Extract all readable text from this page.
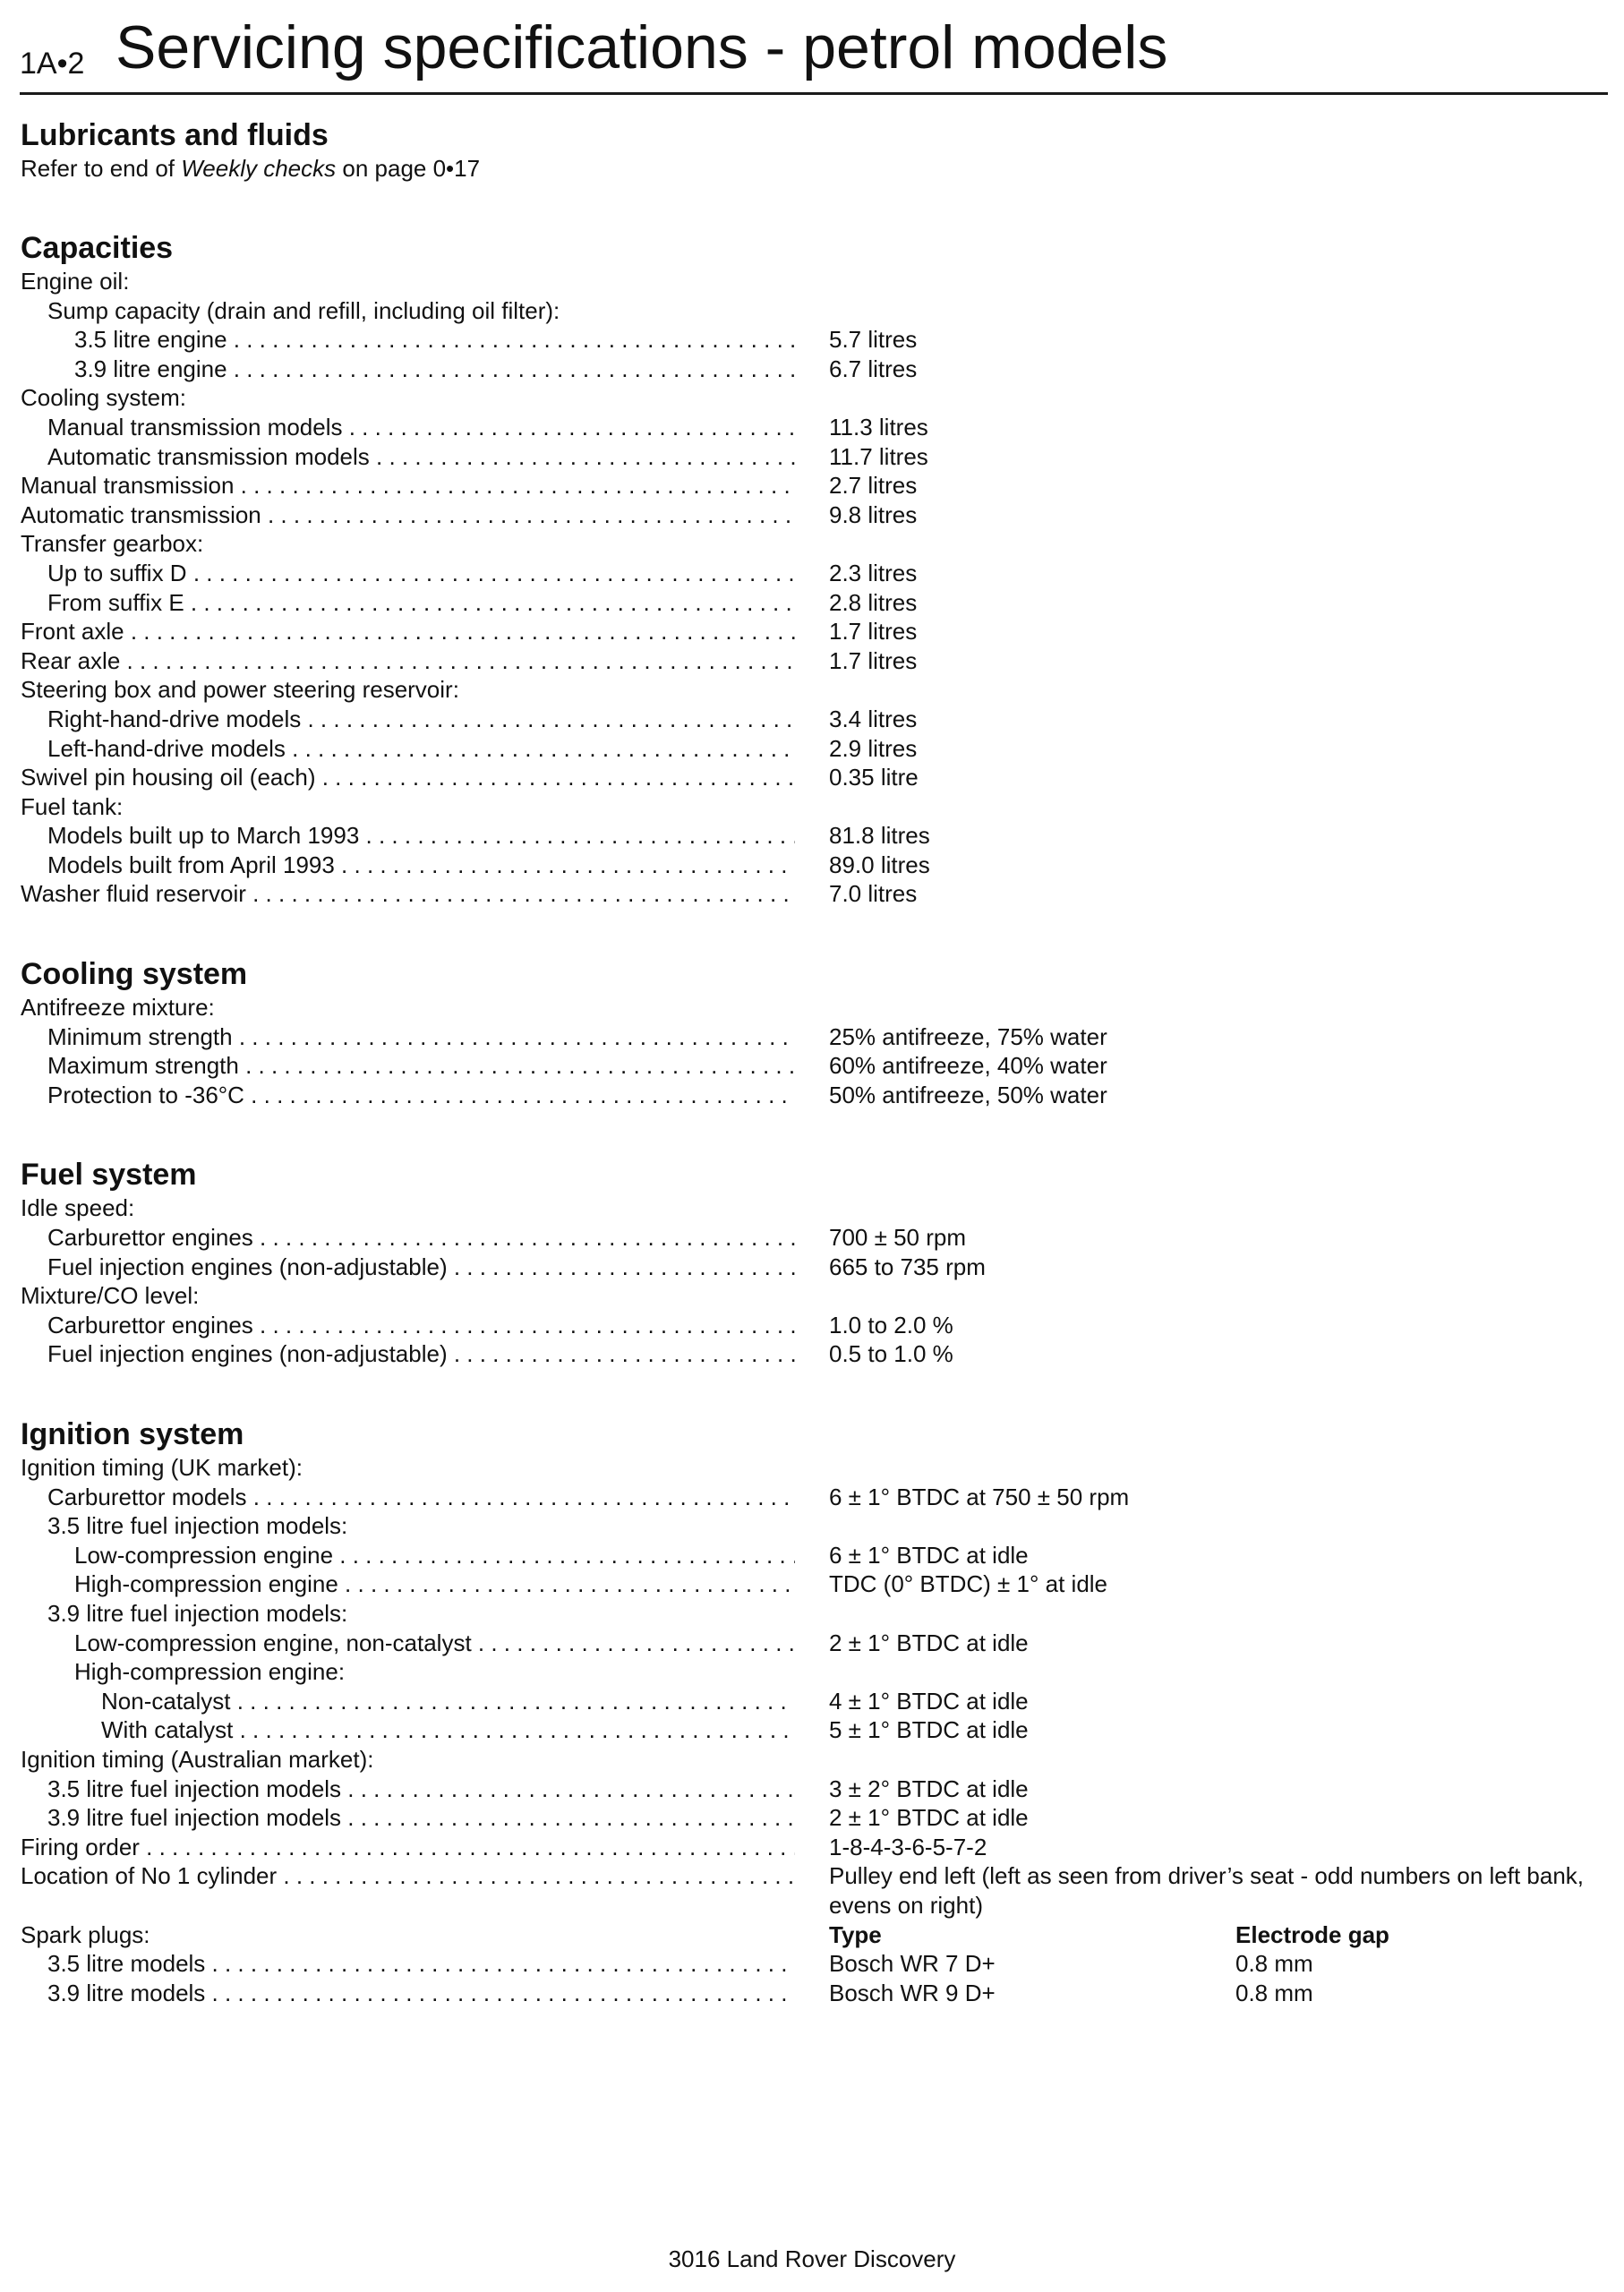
1A•2 Servicing specifications - petrol models
Lubricants and fluids

Refer to end of Weekly checks on page 0•17

Capacities
Engine oil:
Sump capacity (drain and refill, including oil filter):
3.5 litre engine . . .	5.7 litres
3.9 litre engine . . .	6.7 litres
Cooling system:
Manual transmission models . . .	11.3 litres
Automatic transmission models . . .	11.7 litres
Manual transmission . . .	2.7 litres
Automatic transmission . . .	9.8 litres
Transfer gearbox:
Up to suffix D . . .	2.3 litres
From suffix E . . .	2.8 litres
Front axle . . .	1.7 litres
Rear axle . . .	1.7 litres
Steering box and power steering reservoir:
Right-hand-drive models . . .	3.4 litres
Left-hand-drive models . . .	2.9 litres
Swivel pin housing oil (each) . . .	0.35 litre
Fuel tank:
Models built up to March 1993 . . .	81.8 litres
Models built from April 1993 . . .	89.0 litres
Washer fluid reservoir . . .	7.0 litres
Cooling system
Antifreeze mixture:
Minimum strength . . .	25% antifreeze, 75% water
Maximum strength . . .	60% antifreeze, 40% water
Protection to -36°C . . .	50% antifreeze, 50% water
Fuel system
Idle speed:
Carburettor engines . . .	700 ± 50 rpm
Fuel injection engines (non-adjustable) . . .	665 to 735 rpm
Mixture/CO level:
Carburettor engines . . .	1.0 to 2.0 %
Fuel injection engines (non-adjustable) . . .	0.5 to 1.0 %
Ignition system
Ignition timing (UK market):
Carburettor models . . .	6 ± 1° BTDC at 750 ± 50 rpm
3.5 litre fuel injection models:
Low-compression engine . . .	6 ± 1° BTDC at idle
High-compression engine . . .	TDC (0° BTDC) ± 1° at idle
3.9 litre fuel injection models:
Low-compression engine, non-catalyst . . .	2 ± 1° BTDC at idle
High-compression engine:
Non-catalyst . . .	4 ± 1° BTDC at idle
With catalyst . . .	5 ± 1° BTDC at idle
Ignition timing (Australian market):
3.5 litre fuel injection models . . .	3 ± 2° BTDC at idle
3.9 litre fuel injection models . . .	2 ± 1° BTDC at idle
Firing order . . .	1-8-4-3-6-5-7-2
Location of No 1 cylinder . . .	Pulley end left (left as seen from driver’s seat - odd numbers on left bank, evens on right)
Spark plugs:	Type	Electrode gap
3.5 litre models . . .	Bosch WR 7 D+	0.8 mm
3.9 litre models . . .	Bosch WR 9 D+	0.8 mm
3016 Land Rover Discovery
